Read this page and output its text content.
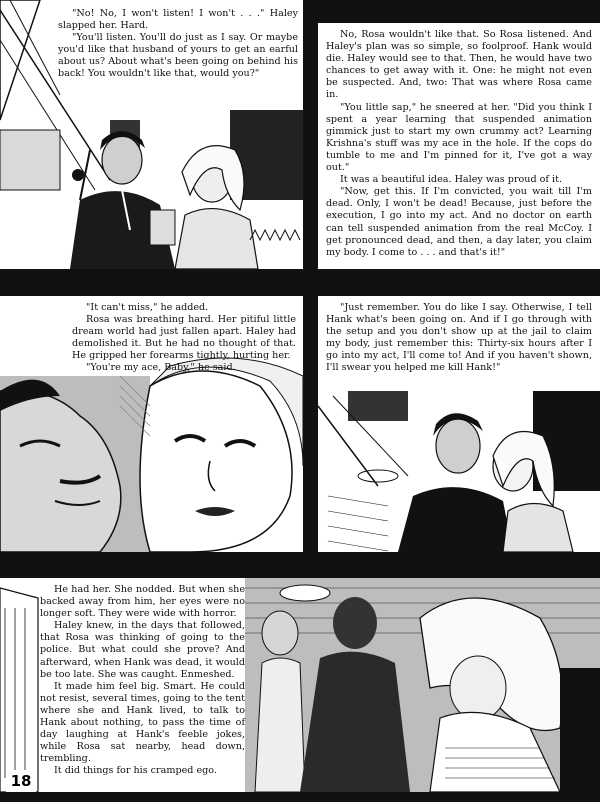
"No! No, I won't listen! I won't . . ." Haley slapped her. Hard.

"You'll listen. You'll do just as I say. Or maybe you'd like that husband of yours to get an earful about us? About what's been going on behind his back! You wouldn't like that, would you?"

No, Rosa wouldn't like that. So Rosa listened. And Haley's plan was so simple, so foolproof. Hank would die. Haley would see to that. Then, he would have two chances to get away with it. One: he might not even be suspected. And, two: That was where Rosa came in.

"You little sap," he sneered at her. "Did you think I spent a year learning that suspended animation gimmick just to start my own crummy act? Learning Krishna's stuff was my ace in the hole. If the cops do tumble to me and I'm pinned for it, I've got a way out."

It was a beautiful idea. Haley was proud of it.

"Now, get this. If I'm convicted, you wait till I'm dead. Only, I won't be dead! Because, just before the execution, I go into my act. And no doctor on earth can tell suspended animation from the real McCoy. I get pronounced dead, and then, a day later, you claim my body. I come to . . . and that's it!"

"It can't miss," he added.

Rosa was breathing hard. Her pitiful little dream world had just fallen apart. Haley had demolished it. But he had no thought of that. He gripped her forearms tightly, hurting her.

"You're my ace, Baby," he said.

"Just remember. You do like I say. Otherwise, I tell Hank what's been going on. And if I go through with the setup and you don't show up at the jail to claim my body, just remember this: Thirty-six hours after I go into my act, I'll come to! And if you haven't shown, I'll swear you helped me kill Hank!"

He had her. She nodded. But when she backed away from him, her eyes were no longer soft. They were wide with horror.

Haley knew, in the days that followed, that Rosa was thinking of going to the police. But what could she prove? And afterward, when Hank was dead, it would be too late. She was caught. Enmeshed.

It made him feel big. Smart. He could not resist, several times, going to the tent where she and Hank lived, to talk to Hank about nothing, to pass the time of day laughing at Hank's feeble jokes, while Rosa sat nearby, head down, trembling.

It did things for his cramped ego.

18
